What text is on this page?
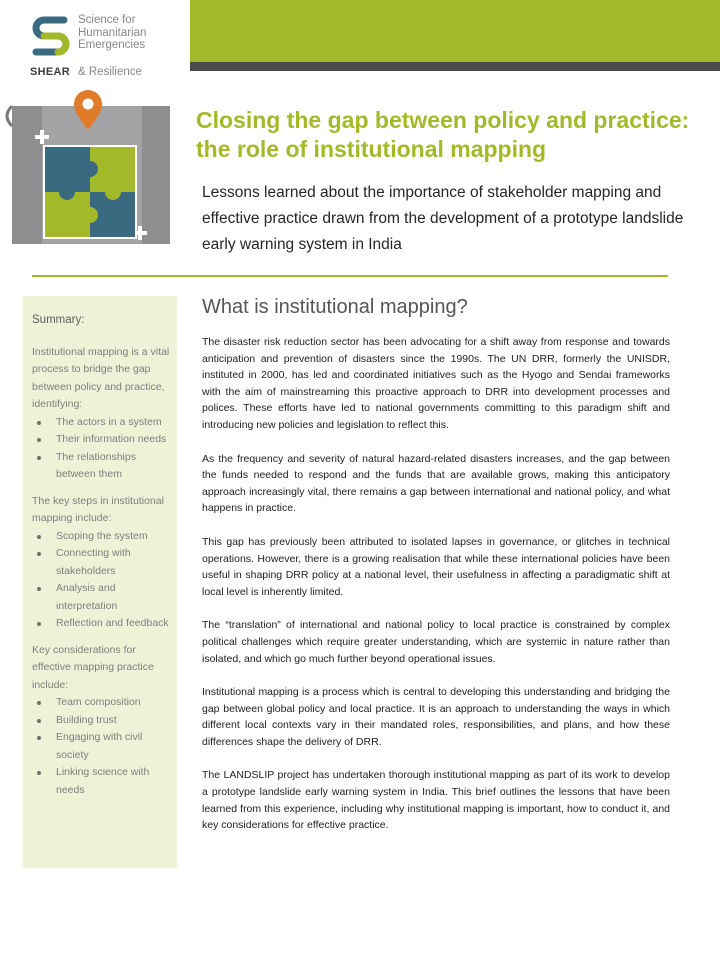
Science for
Humanitarian
Emergencies
SHEAR & Resilience
Closing the gap between policy and practice: the role of institutional mapping

Lessons learned about the importance of stakeholder mapping and effective practice drawn from the development of a prototype landslide early warning system in India

Summary:

Institutional mapping is a vital process to bridge the gap between policy and practice, identifying:

The actors in a system
Their information needs
The relationships between them

The key steps in institutional mapping include:

Scoping the system
Connecting with stakeholders
Analysis and interpretation
Reflection and feedback

Key considerations for effective mapping practice include:

Team composition
Building trust
Engaging with civil society
Linking science with needs
What is institutional mapping?

The disaster risk reduction sector has been advocating for a shift away from response and towards anticipation and prevention of disasters since the 1990s. The UN DRR, formerly the UNISDR, instituted in 2000, has led and coordinated initiatives such as the Hyogo and Sendai frameworks with the aim of mainstreaming this proactive approach to DRR into development processes and polices. These efforts have led to national governments committing to this paradigm shift and introducing new policies and legislation to reflect this.

As the frequency and severity of natural hazard-related disasters increases, and the gap between the funds needed to respond and the funds that are available grows, making this anticipatory approach increasingly vital, there remains a gap between international and national policy, and what happens in practice.

This gap has previously been attributed to isolated lapses in governance, or glitches in technical operations. However, there is a growing realisation that while these international policies have been useful in shaping DRR policy at a national level, their usefulness in affecting a paradigmatic shift at local level is inherently limited.

The “translation” of international and national policy to local practice is constrained by complex political challenges which require greater understanding, which are systemic in nature rather than isolated, and which go much further beyond operational issues.

Institutional mapping is a process which is central to developing this understanding and bridging the gap between global policy and local practice. It is an approach to understanding the ways in which different local contexts vary in their mandated roles, responsibilities, and plans, and how these differences shape the delivery of DRR.

The LANDSLIP project has undertaken thorough institutional mapping as part of its work to develop a prototype landslide early warning system in India. This brief outlines the lessons that have been learned from this experience, including why institutional mapping is important, how to conduct it, and key considerations for effective practice.
